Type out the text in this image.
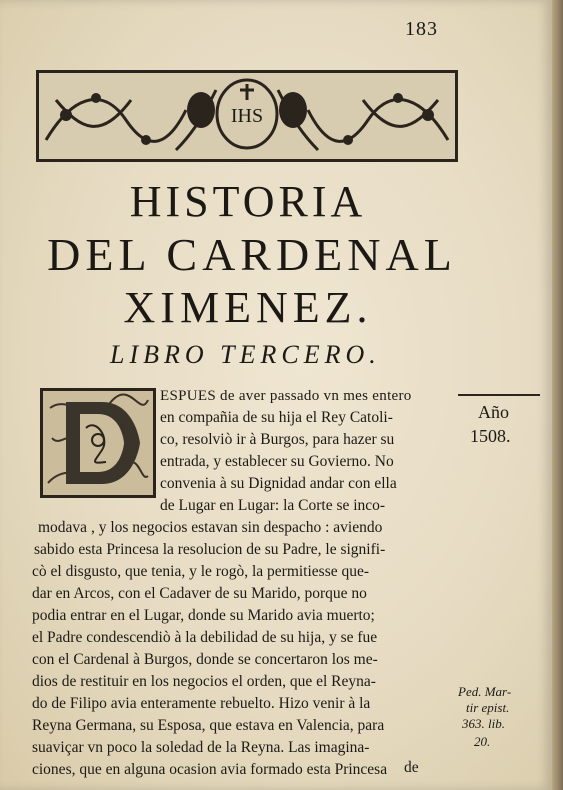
183
IHS
HISTORIA
DEL CARDENAL
XIMENEZ.
LIBRO TERCERO.
ESPUES de aver passado vn mes entero
en compañia de su hija el Rey Catoli-
co, resolviò ir à Burgos, para hazer su
entrada, y establecer su Govierno. No
convenia à su Dignidad andar con ella
de Lugar en Lugar: la Corte se inco-
modava , y los negocios estavan sin despacho : aviendo
sabido esta Princesa la resolucion de su Padre, le signifi-
cò el disgusto, que tenia, y le rogò, la permitiesse que-
dar en Arcos, con el Cadaver de su Marido, porque no
podia entrar en el Lugar, donde su Marido avia muerto;
el Padre condescendiò à la debilidad de su hija, y se fue
con el Cardenal à Burgos, donde se concertaron los me-
dios de restituir en los negocios el orden, que el Reyna-
do de Filipo avia enteramente rebuelto. Hizo venir à la
Reyna Germana, su Esposa, que estava en Valencia, para
suaviçar vn poco la soledad de la Reyna. Las imagina-
ciones, que en alguna ocasion avia formado esta Princesa de
Año
1508.
Ped. Mar-
tir epist.
363. lib.
20.
